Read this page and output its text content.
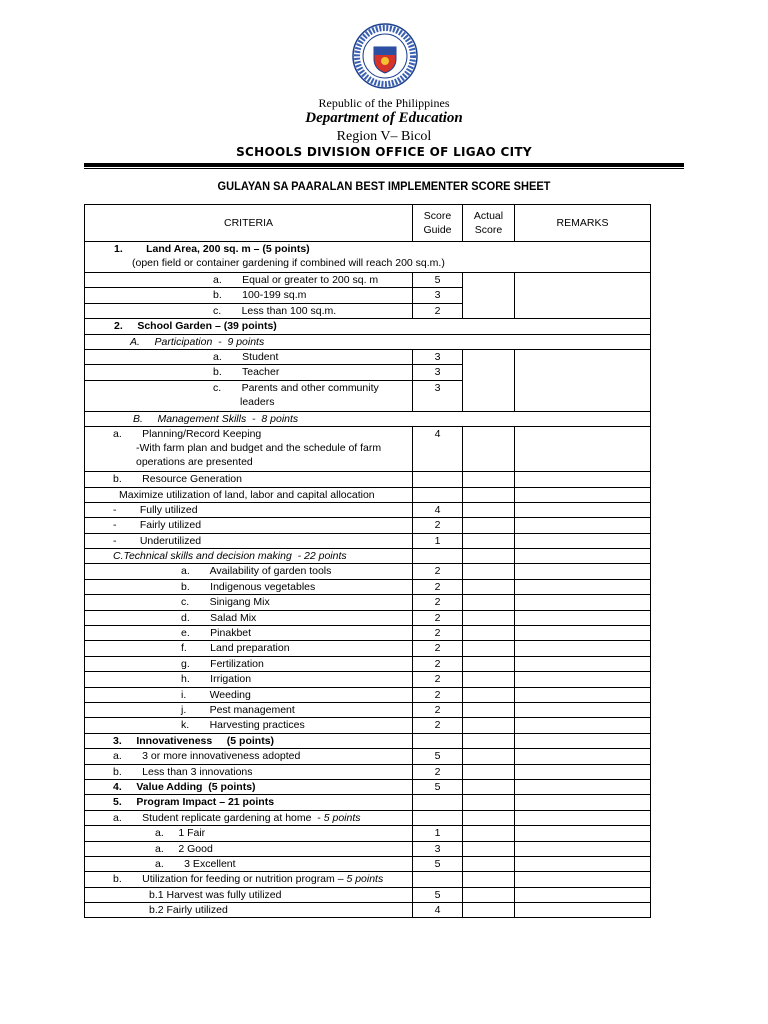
Republic of the Philippines
Department of Education
Region V– Bicol
SCHOOLS DIVISION OFFICE OF LIGAO CITY
GULAYAN SA PAARALAN BEST IMPLEMENTER SCORE SHEET
CRITERIA	Score Guide	Actual Score	REMARKS

1.        Land Area, 200 sq. m – (5 points)
(open field or container gardening if combined will reach 200 sq.m.)			

a.       Equal or greater to 200 sq. m	5		
b.       100-199 sq.m	3		
c.       Less than 100 sq.m.	2		
2.     School Garden – (39 points)			
A.     Participation  -  9 points			
a.       Student	3		
b.       Teacher	3		

c.       Parents and other community
leaders	3		
B.     Management Skills  -  8 points			

a.       Planning/Record Keeping
-With farm plan and budget and the schedule of farm
operations are presented	4		
b.       Resource Generation			
Maximize utilization of land, labor and capital allocation			
-        Fully utilized	4		
-        Fairly utilized	2		
-        Underutilized	1		
C.Technical skills and decision making  - 22 points			
a.       Availability of garden tools	2		
b.       Indigenous vegetables	2		
c.       Sinigang Mix	2		
d.       Salad Mix	2		
e.       Pinakbet	2		
f.        Land preparation	2		
g.       Fertilization	2		
h.       Irrigation	2		
i.        Weeding	2		
j.        Pest management	2		
k.       Harvesting practices	2		
3.     Innovativeness     (5 points)			
a.       3 or more innovativeness adopted	5		
b.       Less than 3 innovations	2		
4.     Value Adding  (5 points)	5		
5.     Program Impact – 21 points			
a.       Student replicate gardening at home  - 5 points			
a.     1 Fair	1		
a.     2 Good	3		
a.       3 Excellent	5		
b.       Utilization for feeding or nutrition program – 5 points			
b.1 Harvest was fully utilized	5		
b.2 Fairly utilized	4		
